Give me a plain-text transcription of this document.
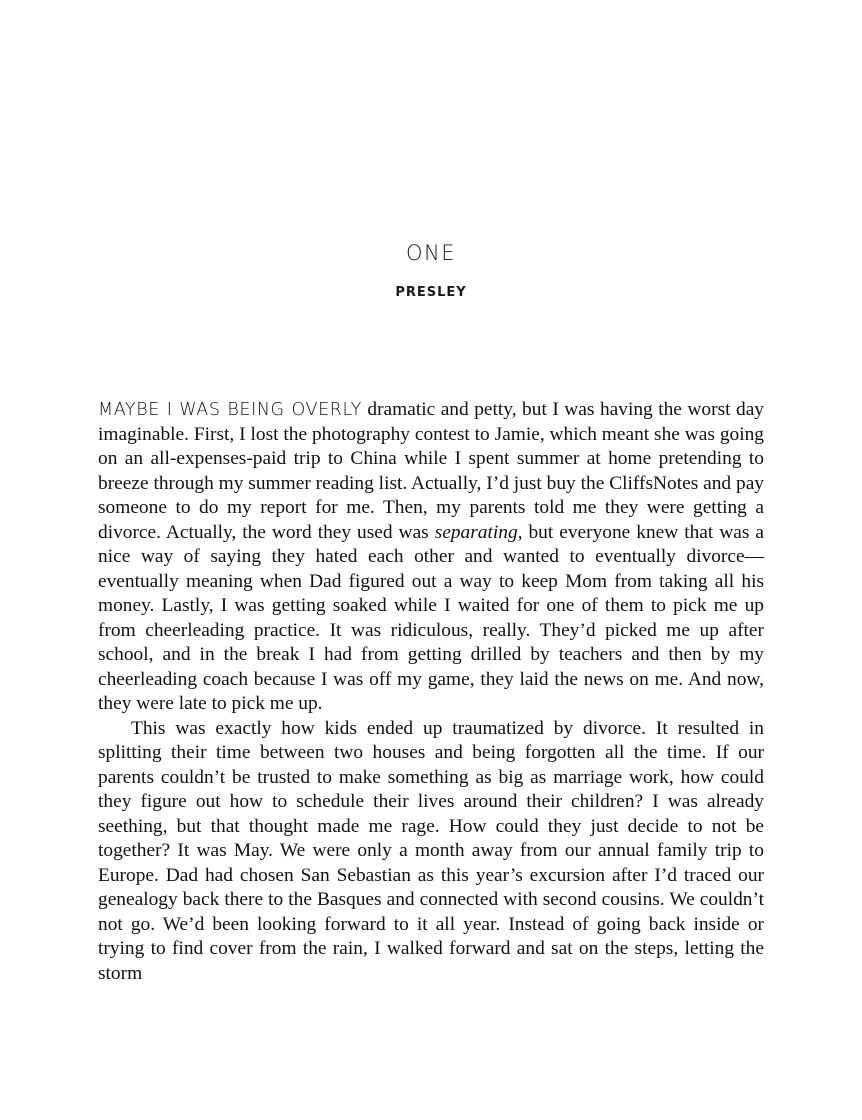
ONE
PRESLEY

MAYBE I WAS BEING OVERLY dramatic and petty, but I was having the worst day imaginable. First, I lost the photography contest to Jamie, which meant she was going on an all-expenses-paid trip to China while I spent summer at home pretending to breeze through my summer reading list. Actually, I’d just buy the CliffsNotes and pay someone to do my report for me. Then, my parents told me they were getting a divorce. Actually, the word they used was separating, but everyone knew that was a nice way of saying they hated each other and wanted to eventually divorce—eventually meaning when Dad figured out a way to keep Mom from taking all his money. Lastly, I was getting soaked while I waited for one of them to pick me up from cheerleading practice. It was ridiculous, really. They’d picked me up after school, and in the break I had from getting drilled by teachers and then by my cheerleading coach because I was off my game, they laid the news on me. And now, they were late to pick me up.

This was exactly how kids ended up traumatized by divorce. It resulted in splitting their time between two houses and being forgotten all the time. If our parents couldn’t be trusted to make something as big as marriage work, how could they figure out how to schedule their lives around their children? I was already seething, but that thought made me rage. How could they just decide to not be together? It was May. We were only a month away from our annual family trip to Europe. Dad had chosen San Sebastian as this year’s excursion after I’d traced our genealogy back there to the Basques and connected with second cousins. We couldn’t not go. We’d been looking forward to it all year. Instead of going back inside or trying to find cover from the rain, I walked forward and sat on the steps, letting the storm
